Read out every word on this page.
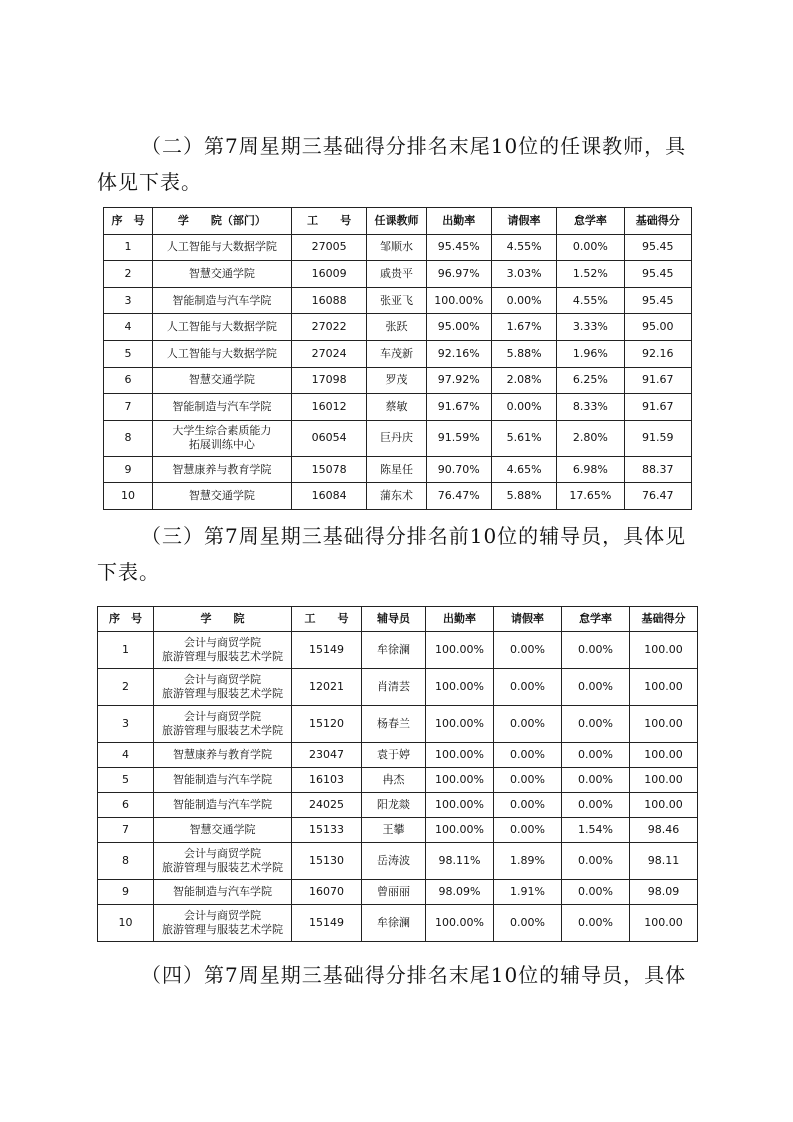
（二）第7周星期三基础得分排名末尾10位的任课教师，具体见下表。

序　号	学　　院（部门）	工　　号	任课教师	出勤率	请假率	怠学率	基础得分
1	人工智能与大数据学院	27005	邹顺水	95.45%	4.55%	0.00%	95.45
2	智慧交通学院	16009	戚贵平	96.97%	3.03%	1.52%	95.45
3	智能制造与汽车学院	16088	张亚飞	100.00%	0.00%	4.55%	95.45
4	人工智能与大数据学院	27022	张跃	95.00%	1.67%	3.33%	95.00
5	人工智能与大数据学院	27024	车茂新	92.16%	5.88%	1.96%	92.16
6	智慧交通学院	17098	罗茂	97.92%	2.08%	6.25%	91.67
7	智能制造与汽车学院	16012	蔡敏	91.67%	0.00%	8.33%	91.67
8	大学生综合素质能力
拓展训练中心	06054	巨丹庆	91.59%	5.61%	2.80%	91.59
9	智慧康养与教育学院	15078	陈星任	90.70%	4.65%	6.98%	88.37
10	智慧交通学院	16084	蒲东术	76.47%	5.88%	17.65%	76.47

（三）第7周星期三基础得分排名前10位的辅导员，具体见下表。

序　号	学　　院	工　　号	辅导员	出勤率	请假率	怠学率	基础得分
1	会计与商贸学院
旅游管理与服装艺术学院	15149	牟徐澜	100.00%	0.00%	0.00%	100.00
2	会计与商贸学院
旅游管理与服装艺术学院	12021	肖清芸	100.00%	0.00%	0.00%	100.00
3	会计与商贸学院
旅游管理与服装艺术学院	15120	杨春兰	100.00%	0.00%	0.00%	100.00
4	智慧康养与教育学院	23047	袁于婷	100.00%	0.00%	0.00%	100.00
5	智能制造与汽车学院	16103	冉杰	100.00%	0.00%	0.00%	100.00
6	智能制造与汽车学院	24025	阳龙燚	100.00%	0.00%	0.00%	100.00
7	智慧交通学院	15133	王攀	100.00%	0.00%	1.54%	98.46
8	会计与商贸学院
旅游管理与服装艺术学院	15130	岳涛波	98.11%	1.89%	0.00%	98.11
9	智能制造与汽车学院	16070	曾丽丽	98.09%	1.91%	0.00%	98.09
10	会计与商贸学院
旅游管理与服装艺术学院	15149	牟徐澜	100.00%	0.00%	0.00%	100.00

（四）第7周星期三基础得分排名末尾10位的辅导员，具体
